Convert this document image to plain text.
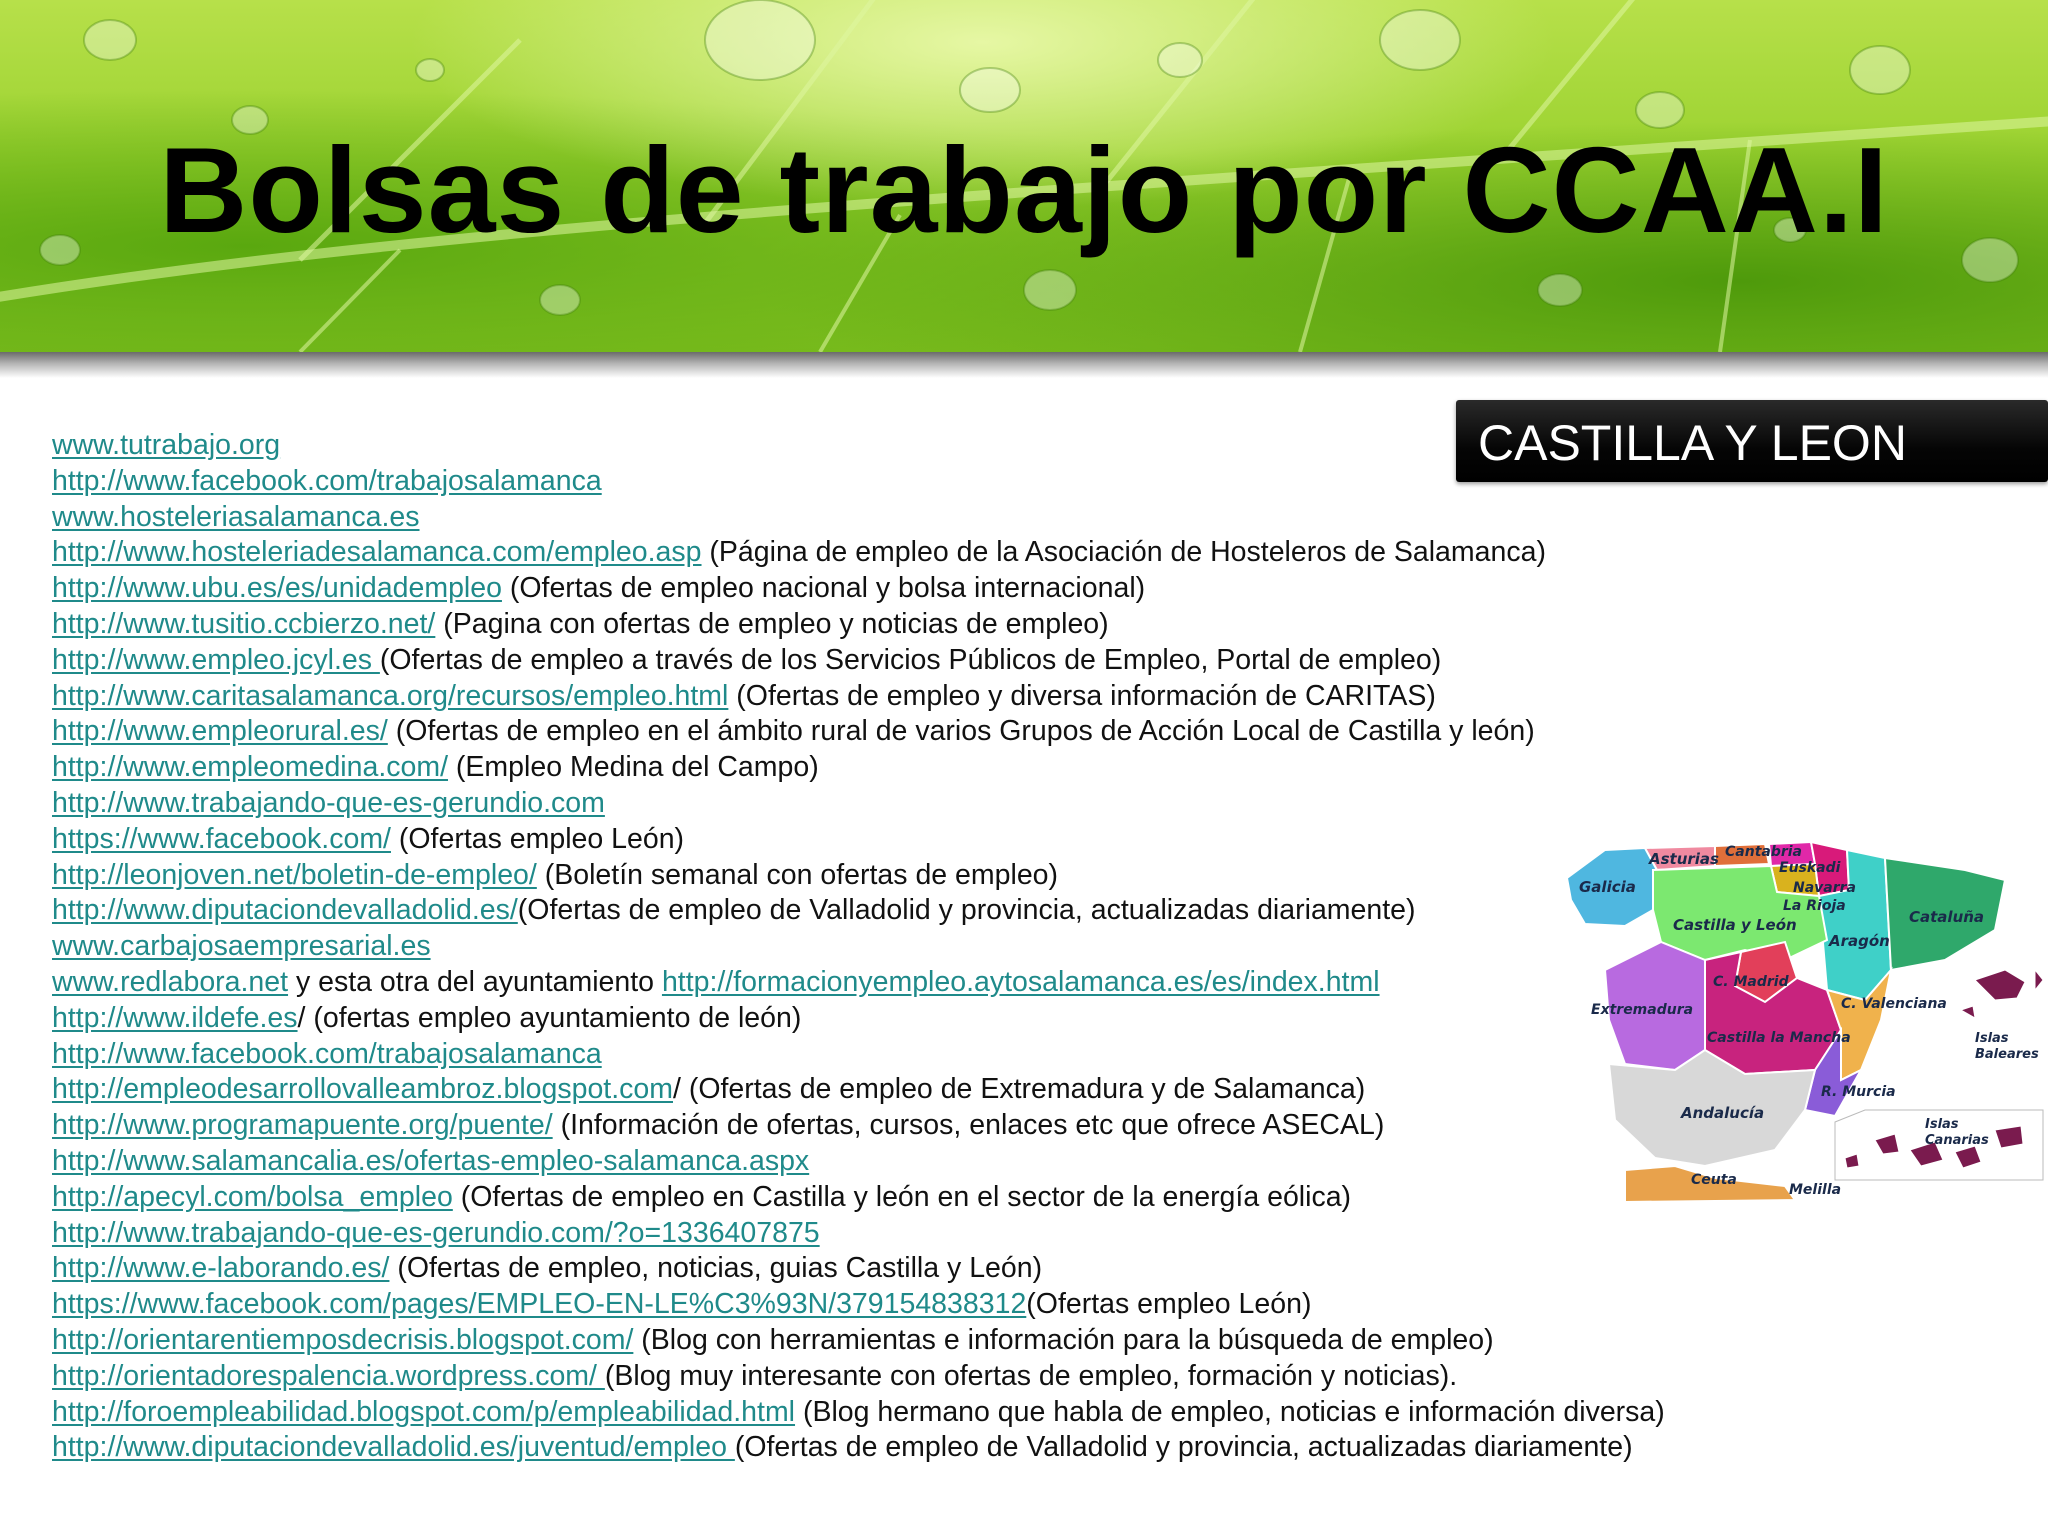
Bolsas de trabajo por CCAA.I
CASTILLA Y LEON
www.tutrabajo.org
http://www.facebook.com/trabajosalamanca
www.hosteleriasalamanca.es
http://www.hosteleriadesalamanca.com/empleo.asp (Página de empleo de la Asociación de Hosteleros de Salamanca)
http://www.ubu.es/es/unidadempleo (Ofertas de empleo nacional y bolsa internacional)
http://www.tusitio.ccbierzo.net/ (Pagina con ofertas de empleo y noticias de empleo)
http://www.empleo.jcyl.es (Ofertas de empleo a través de los Servicios Públicos de Empleo, Portal de empleo)
http://www.caritasalamanca.org/recursos/empleo.html (Ofertas de empleo y diversa información de CARITAS)
http://www.empleorural.es/ (Ofertas de empleo en el ámbito rural de varios Grupos de Acción Local de Castilla y león)
http://www.empleomedina.com/ (Empleo Medina del Campo)
http://www.trabajando-que-es-gerundio.com
https://www.facebook.com/ (Ofertas empleo León)
http://leonjoven.net/boletin-de-empleo/ (Boletín semanal con ofertas de empleo)
http://www.diputaciondevalladolid.es/(Ofertas de empleo de Valladolid y provincia, actualizadas diariamente)
www.carbajosaempresarial.es
www.redlabora.net y esta otra del ayuntamiento http://formacionyempleo.aytosalamanca.es/es/index.html
http://www.ildefe.es/ (ofertas empleo ayuntamiento de león)
http://www.facebook.com/trabajosalamanca
http://empleodesarrollovalleambroz.blogspot.com/ (Ofertas de empleo de Extremadura y de Salamanca)
http://www.programapuente.org/puente/ (Información de ofertas, cursos, enlaces etc que ofrece ASECAL)
http://www.salamancalia.es/ofertas-empleo-salamanca.aspx
http://apecyl.com/bolsa_empleo (Ofertas de empleo en Castilla y león en el sector de la energía eólica)
http://www.trabajando-que-es-gerundio.com/?o=1336407875
http://www.e-laborando.es/ (Ofertas de empleo, noticias, guias Castilla y León)
https://www.facebook.com/pages/EMPLEO-EN-LE%C3%93N/379154838312(Ofertas empleo León)
http://orientarentiemposdecrisis.blogspot.com/ (Blog con herramientas e información para la búsqueda de empleo)
http://orientadorespalencia.wordpress.com/ (Blog muy interesante con ofertas de empleo, formación y noticias).
http://foroempleabilidad.blogspot.com/p/empleabilidad.html (Blog hermano que habla de empleo, noticias e información diversa)
http://www.diputaciondevalladolid.es/juventud/empleo (Ofertas de empleo de Valladolid y provincia, actualizadas diariamente)
Galicia
Asturias Cantabria
Euskadi
Navarra
La Rioja
Cataluña
Aragón
Castilla y León
C. Madrid
Extremadura	C. Valenciana
Castilla la Mancha	Islas Baleares
R. Murcia
Andalucía
Islas Canarias
Ceuta
Melilla
